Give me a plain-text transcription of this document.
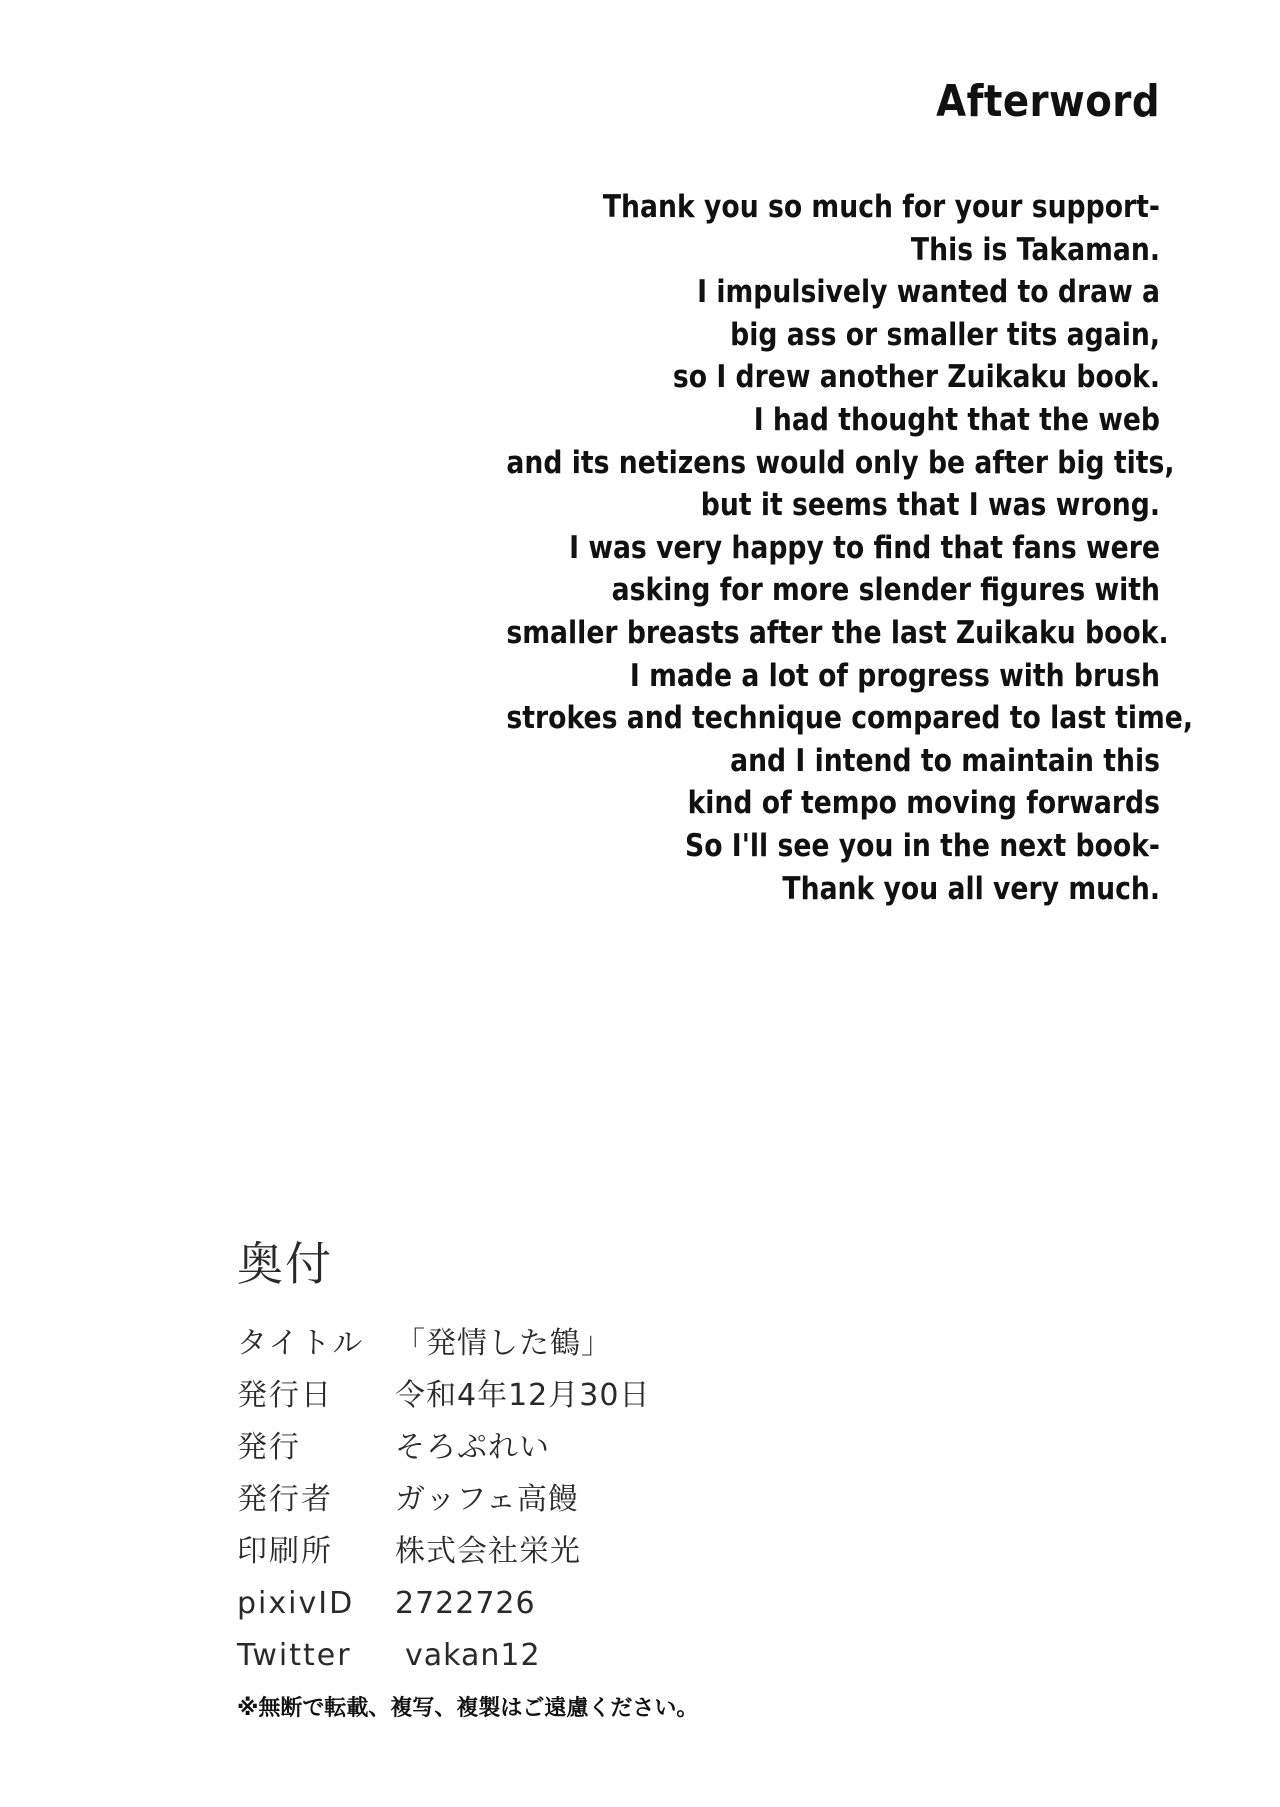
Afterword

Thank you so much for your support-
This is Takaman.
I impulsively wanted to draw a
big ass or smaller tits again,
so I drew another Zuikaku book.
I had thought that the web
and its netizens would only be after big tits,
but it seems that I was wrong.
I was very happy to find that fans were
asking for more slender figures with
smaller breasts after the last Zuikaku book.
I made a lot of progress with brush
strokes and technique compared to last time,
and I intend to maintain this
kind of tempo moving forwards
So I'll see you in the next book-
Thank you all very much.

奥付
タイトル	「発情した鶴」
発行日	令和4年12月30日
発行	そろぷれい
発行者	ガッフェ高饅
印刷所	株式会社栄光
pixivID	2722726
Twitter	vakan12
※無断で転載、複写、複製はご遠慮ください。
